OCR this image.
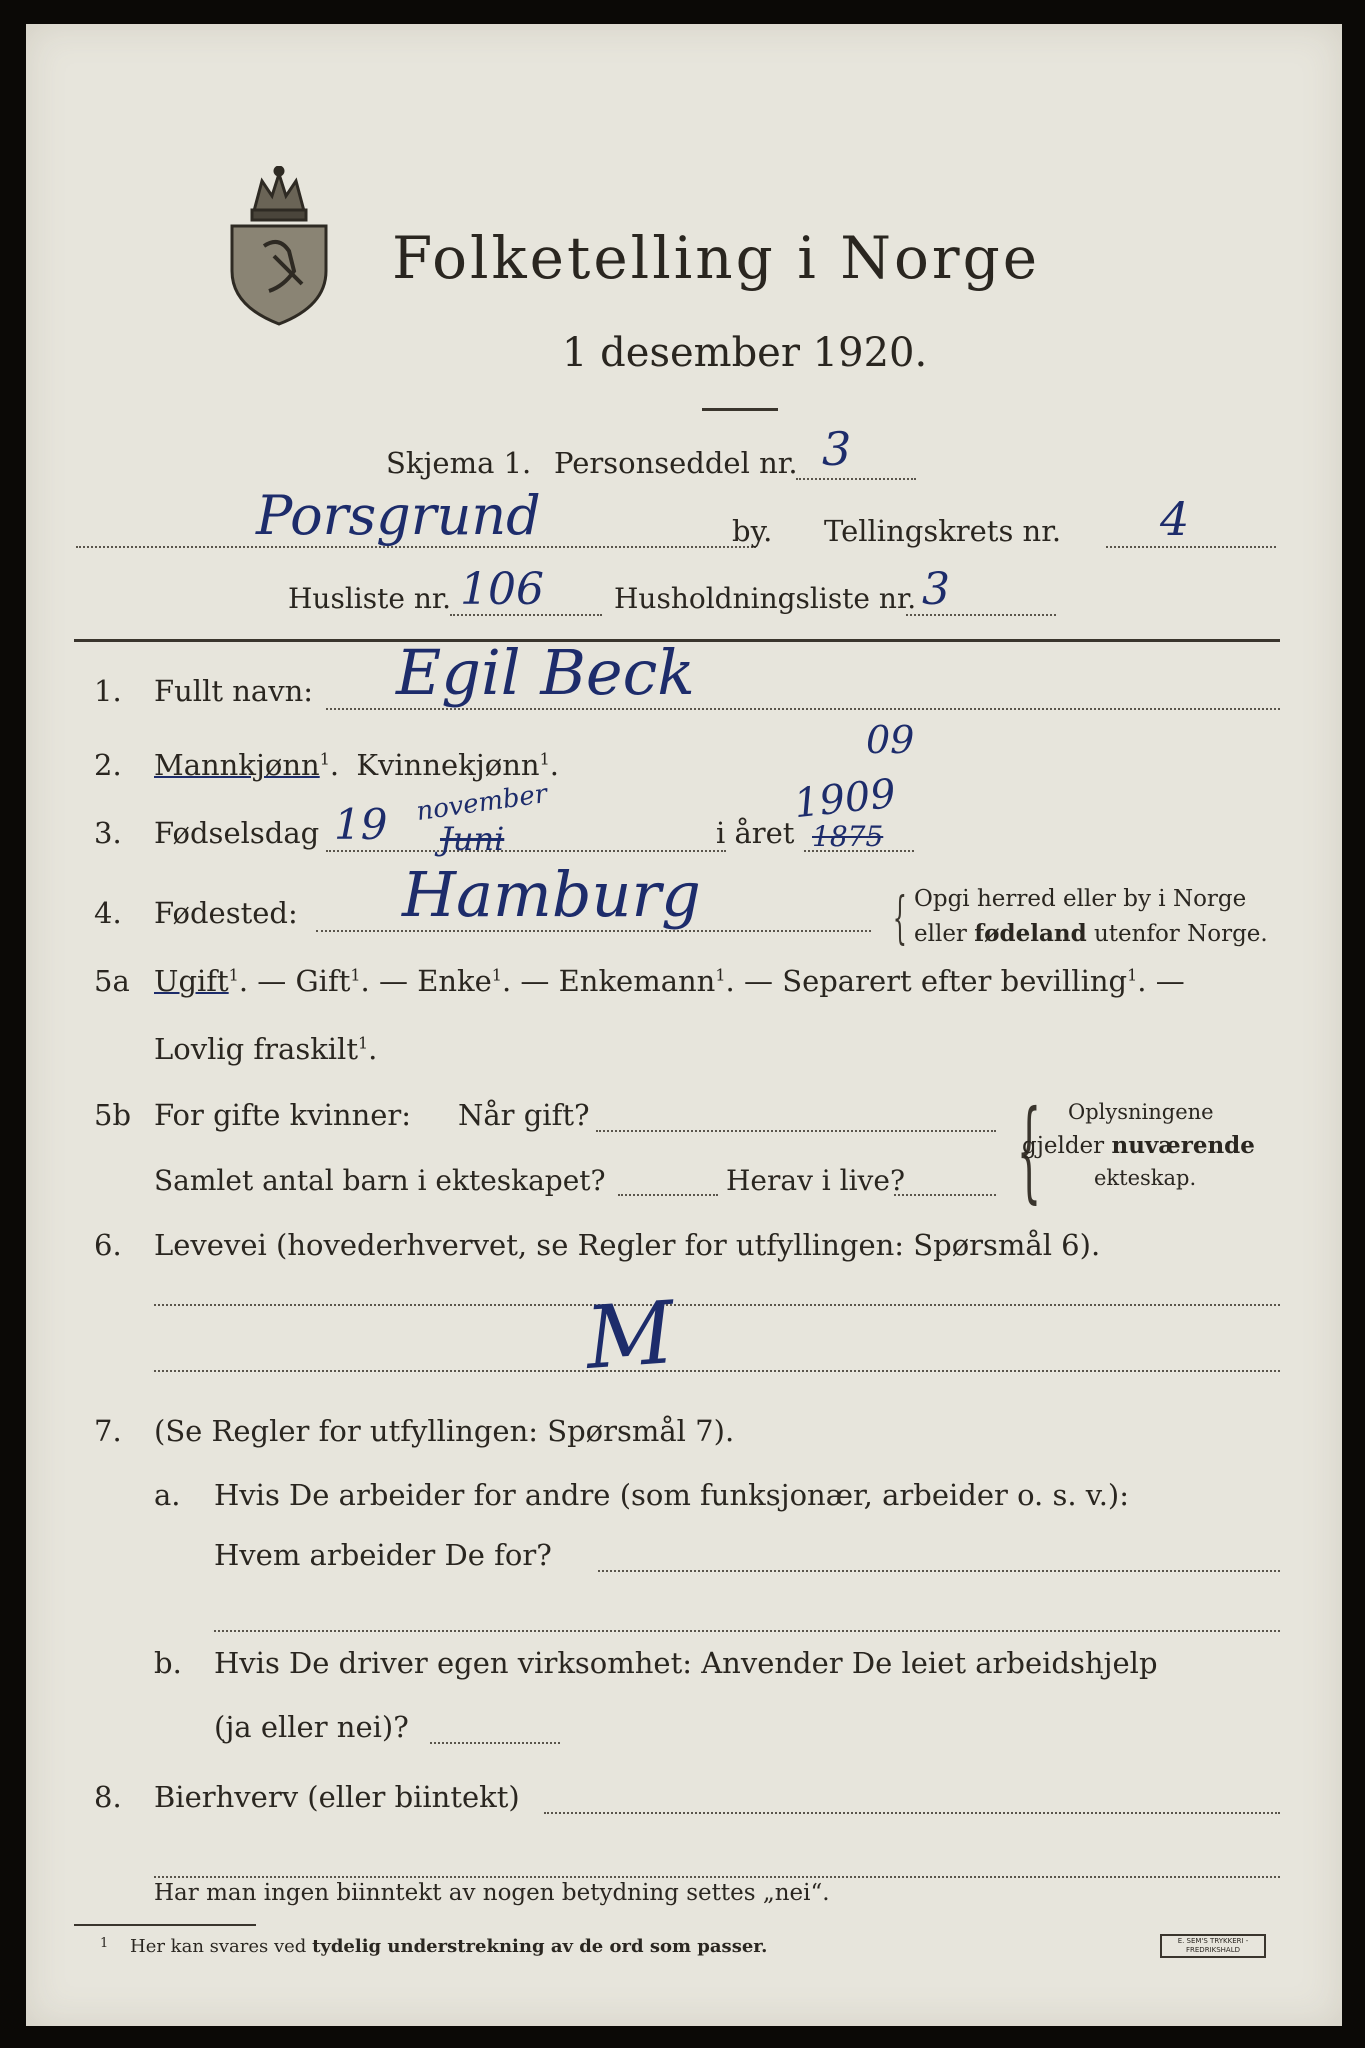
Folketelling i Norge
1 desember 1920.
Skjema 1. Personseddel nr. 3
Porsgrund	by. Tellingskrets nr. 4
Husliste nr. 106	Husholdningsliste nr. 3
1. Fullt navn: Egil Beck
2. Mannkjønn$^1$. Kvinnekjønn$^1$.
09
3. Fødselsdag 19 november
Juni	i året
1909
1875
4. Fødested: Hamburg	{ Opgi herred eller by i Norge
eller fødeland utenfor Norge.
5a Ugift$^1$. — Gift$^1$. — Enke$^1$. — Enkemann$^1$. — Separert efter bevilling$^1$. —
Lovlig fraskilt$^1$.
5b For gifte kvinner: Når gift?
Samlet antal barn i ekteskapet?	Herav i live? { Oplysningene
gjelder nuværende
ekteskap.
6. Levevei (hovederhvervet, se Regler for utfyllingen: Spørsmål 6).
M
7. (Se Regler for utfyllingen: Spørsmål 7).
a. Hvis De arbeider for andre (som funksjonær, arbeider o. s. v.):
Hvem arbeider De for?
b. Hvis De driver egen virksomhet: Anvender De leiet arbeidshjelp
(ja eller nei)?
8. Bierhverv (eller biintekt)
Har man ingen biinntekt av nogen betydning settes „nei“.
1 Her kan svares ved tydelig understrekning av de ord som passer.	E. SEM'S TRYKKERI - FREDRIKSHALD
